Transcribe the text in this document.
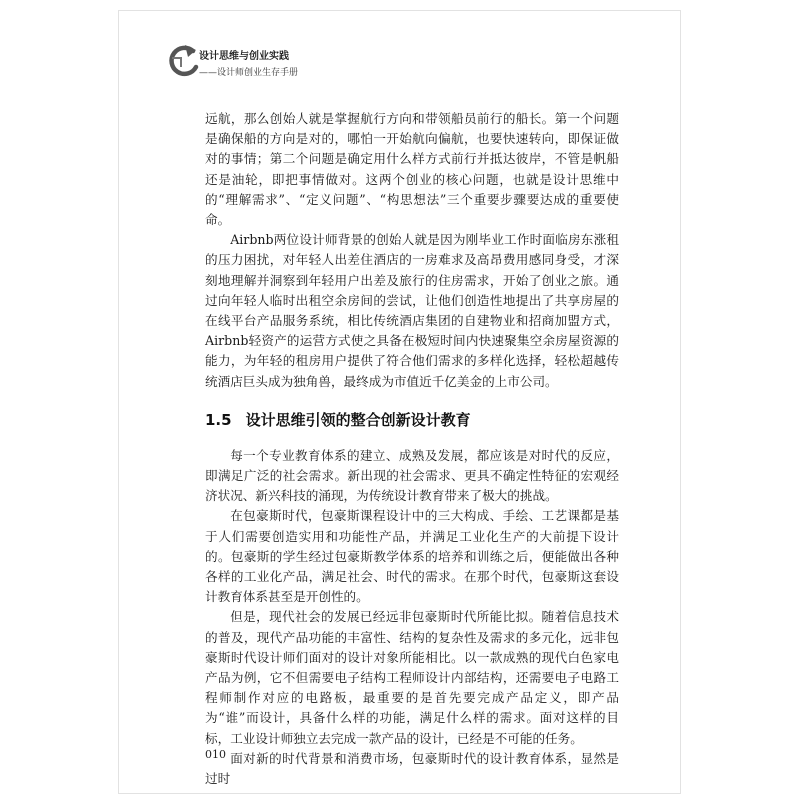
设计思维与创业实践
——设计师创业生存手册

远航，那么创始人就是掌握航行方向和带领船员前行的船长。第一个问题是确保船的方向是对的，哪怕一开始航向偏航，也要快速转向，即保证做对的事情；第二个问题是确定用什么样方式前行并抵达彼岸，不管是帆船还是油轮，即把事情做对。这两个创业的核心问题，也就是设计思维中的“理解需求”、“定义问题”、“构思想法”三个重要步骤要达成的重要使命。

Airbnb两位设计师背景的创始人就是因为刚毕业工作时面临房东涨租的压力困扰，对年轻人出差住酒店的一房难求及高昂费用感同身受，才深刻地理解并洞察到年轻用户出差及旅行的住房需求，开始了创业之旅。通过向年轻人临时出租空余房间的尝试，让他们创造性地提出了共享房屋的在线平台产品服务系统，相比传统酒店集团的自建物业和招商加盟方式，Airbnb轻资产的运营方式使之具备在极短时间内快速聚集空余房屋资源的能力，为年轻的租房用户提供了符合他们需求的多样化选择，轻松超越传统酒店巨头成为独角兽，最终成为市值近千亿美金的上市公司。

1.5 设计思维引领的整合创新设计教育

每一个专业教育体系的建立、成熟及发展，都应该是对时代的反应，即满足广泛的社会需求。新出现的社会需求、更具不确定性特征的宏观经济状况、新兴科技的涌现，为传统设计教育带来了极大的挑战。

在包豪斯时代，包豪斯课程设计中的三大构成、手绘、工艺课都是基于人们需要创造实用和功能性产品，并满足工业化生产的大前提下设计的。包豪斯的学生经过包豪斯教学体系的培养和训练之后，便能做出各种各样的工业化产品，满足社会、时代的需求。在那个时代，包豪斯这套设计教育体系甚至是开创性的。

但是，现代社会的发展已经远非包豪斯时代所能比拟。随着信息技术的普及，现代产品功能的丰富性、结构的复杂性及需求的多元化，远非包豪斯时代设计师们面对的设计对象所能相比。以一款成熟的现代白色家电产品为例，它不但需要电子结构工程师设计内部结构，还需要电子电路工程师制作对应的电路板，最重要的是首先要完成产品定义，即产品为“谁”而设计，具备什么样的功能，满足什么样的需求。面对这样的目标，工业设计师独立去完成一款产品的设计，已经是不可能的任务。

面对新的时代背景和消费市场，包豪斯时代的设计教育体系，显然是过时

010
